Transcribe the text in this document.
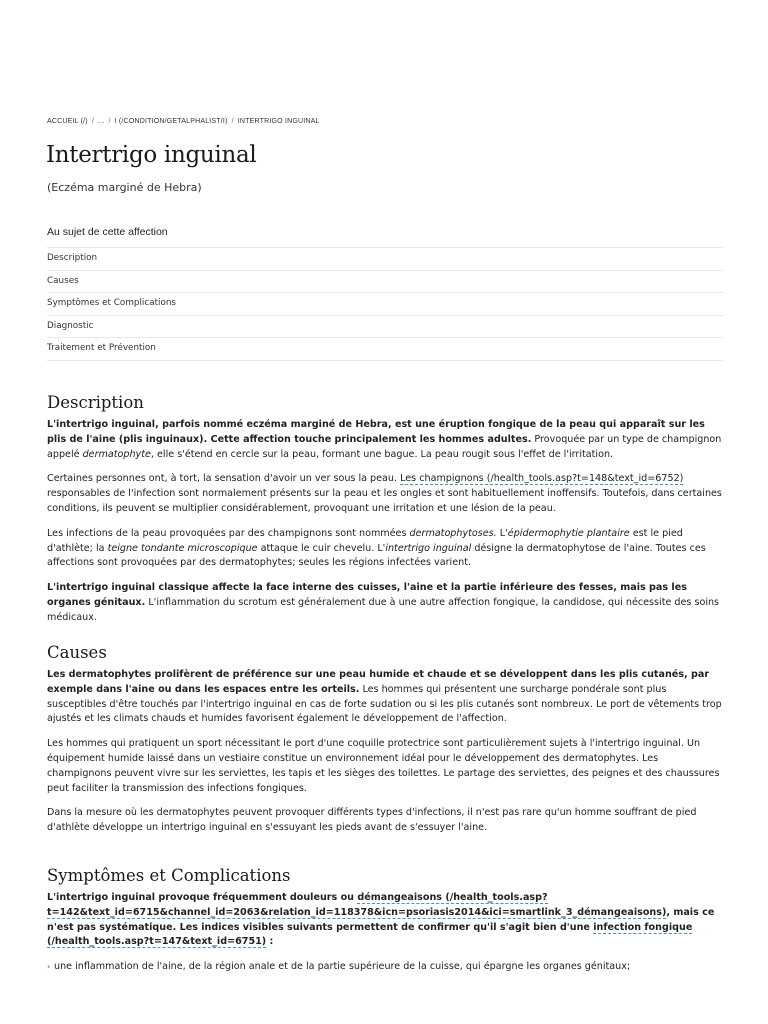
ACCUEIL (/) / ... / I (/CONDITION/GETALPHALIST/I) / INTERTRIGO INGUINAL
Intertrigo inguinal
(Eczéma marginé de Hebra)
Au sujet de cette affection
Description
Causes
Symptômes et Complications
Diagnostic
Traitement et Prévention
Description

L'intertrigo inguinal, parfois nommé eczéma marginé de Hebra, est une éruption fongique de la peau qui apparaît sur les plis de l'aine (plis inguinaux). Cette affection touche principalement les hommes adultes. Provoquée par un type de champignon appelé dermatophyte, elle s'étend en cercle sur la peau, formant une bague. La peau rougit sous l'effet de l'irritation.

Certaines personnes ont, à tort, la sensation d'avoir un ver sous la peau. Les champignons (/health_tools.asp?t=148&text_id=6752) responsables de l'infection sont normalement présents sur la peau et les ongles et sont habituellement inoffensifs. Toutefois, dans certaines conditions, ils peuvent se multiplier considérablement, provoquant une irritation et une lésion de la peau.

Les infections de la peau provoquées par des champignons sont nommées dermatophytoses. L'épidermophytie plantaire est le pied d'athlète; la teigne tondante microscopique attaque le cuir chevelu. L'intertrigo inguinal désigne la dermatophytose de l'aine. Toutes ces affections sont provoquées par des dermatophytes; seules les régions infectées varient.

L'intertrigo inguinal classique affecte la face interne des cuisses, l'aine et la partie inférieure des fesses, mais pas les organes génitaux. L'inflammation du scrotum est généralement due à une autre affection fongique, la candidose, qui nécessite des soins médicaux.

Causes

Les dermatophytes prolifèrent de préférence sur une peau humide et chaude et se développent dans les plis cutanés, par exemple dans l'aine ou dans les espaces entre les orteils. Les hommes qui présentent une surcharge pondérale sont plus susceptibles d'être touchés par l'intertrigo inguinal en cas de forte sudation ou si les plis cutanés sont nombreux. Le port de vêtements trop ajustés et les climats chauds et humides favorisent également le développement de l'affection.

Les hommes qui pratiquent un sport nécessitant le port d'une coquille protectrice sont particulièrement sujets à l'intertrigo inguinal. Un équipement humide laissé dans un vestiaire constitue un environnement idéal pour le développement des dermatophytes. Les champignons peuvent vivre sur les serviettes, les tapis et les sièges des toilettes. Le partage des serviettes, des peignes et des chaussures peut faciliter la transmission des infections fongiques.

Dans la mesure où les dermatophytes peuvent provoquer différents types d'infections, il n'est pas rare qu'un homme souffrant de pied d'athlète développe un intertrigo inguinal en s'essuyant les pieds avant de s'essuyer l'aine.

Symptômes et Complications

L'intertrigo inguinal provoque fréquemment douleurs ou démangeaisons (/health_tools.asp?t=142&text_id=6715&channel_id=2063&relation_id=118378&icn=psoriasis2014&ici=smartlink_3_démangeaisons), mais ce n'est pas systématique. Les indices visibles suivants permettent de confirmer qu'il s'agit bien d'une infection fongique (/health_tools.asp?t=147&text_id=6751) :

› une inflammation de l'aine, de la région anale et de la partie supérieure de la cuisse, qui épargne les organes génitaux;
